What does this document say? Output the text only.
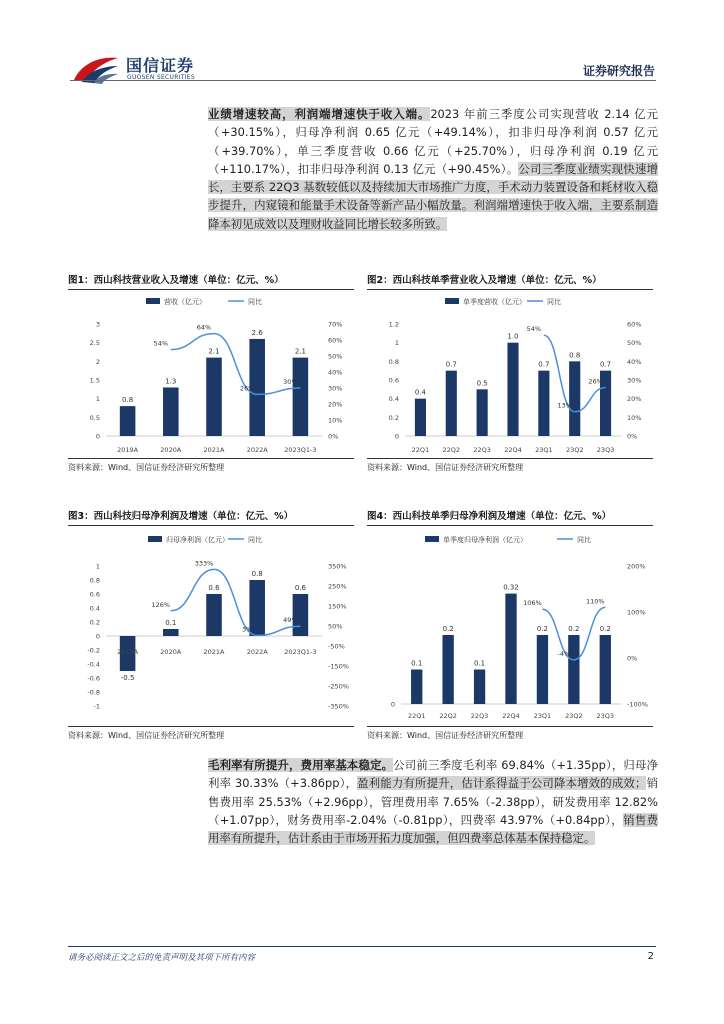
国信证券
GUOSEN SECURITIES	证券研究报告

业绩增速较高，利润端增速快于收入端。2023 年前三季度公司实现营收 2.14 亿元（+30.15%），归母净利润 0.65 亿元（+49.14%），扣非归母净利润 0.57 亿元（+39.70%），单三季度营收 0.66 亿元（+25.70%），归母净利润 0.19 亿元（+110.17%），扣非归母净利润 0.13 亿元（+90.45%）。公司三季度业绩实现快速增长，主要系 22Q3 基数较低以及持续加大市场推广力度，手术动力装置设备和耗材收入稳步提升，内窥镜和能量手术设备等新产品小幅放量。利润端增速快于收入端，主要系制造降本初见成效以及理财收益同比增长较多所致。

图1：西山科技营业收入及增速（单位：亿元、%）
营收（亿元）	同比
0
0.5
1
1.5
2
2.5
3
0%
10%
20%
30%
40%
50%
60%
70%
0.8
2019A
1.3
2020A
2.1
2021A
2.6
2022A
2.1
2023Q1-3
54%
64%
26%
30%
资料来源：Wind、国信证券经济研究所整理
图2：西山科技单季营业收入及增速（单位：亿元、%）
单季度营收（亿元）	同比
0
0.2
0.4
0.6
0.8
1
1.2
0%
10%
20%
30%
40%
50%
60%
0.4
22Q1
0.7
22Q2
0.5
22Q3
1.0
22Q4
0.7
23Q1
0.8
23Q2
0.7
23Q3
54%
13%
26%
资料来源：Wind、国信证券经济研究所整理
图3：西山科技归母净利润及增速（单位：亿元、%）
归母净利润（亿元）	同比
-1
-0.8
-0.6
-0.4
-0.2
0
0.2
0.4
0.6
0.8
1
-350%
-250%
-150%
-50%
50%
150%
250%
350%
-0.5
2019A
0.1
2020A
0.6
2021A
0.8
2022A
0.6
2023Q1-3
126%
333%
3%
49%
资料来源：Wind、国信证券经济研究所整理
图4：西山科技单季归母净利润及增速（单位：亿元、%）
单季度归母净利润（亿元）	同比
0	-100%
0%
100%
200%
0.1
22Q1
0.2
22Q2
0.1
22Q3
0.32
22Q4
0.2
23Q1
0.2
23Q2
0.2
23Q3
106%
-4%
110%
资料来源：Wind、国信证券经济研究所整理

毛利率有所提升，费用率基本稳定。公司前三季度毛利率 69.84%（+1.35pp），归母净利率 30.33%（+3.86pp），盈利能力有所提升，估计系得益于公司降本增效的成效；销售费用率 25.53%（+2.96pp），管理费用率 7.65%（-2.38pp），研发费用率 12.82%（+1.07pp），财务费用率-2.04%（-0.81pp），四费率 43.97%（+0.84pp），销售费用率有所提升，估计系由于市场开拓力度加强，但四费率总体基本保持稳定。

请务必阅读正文之后的免责声明及其项下所有内容	2
